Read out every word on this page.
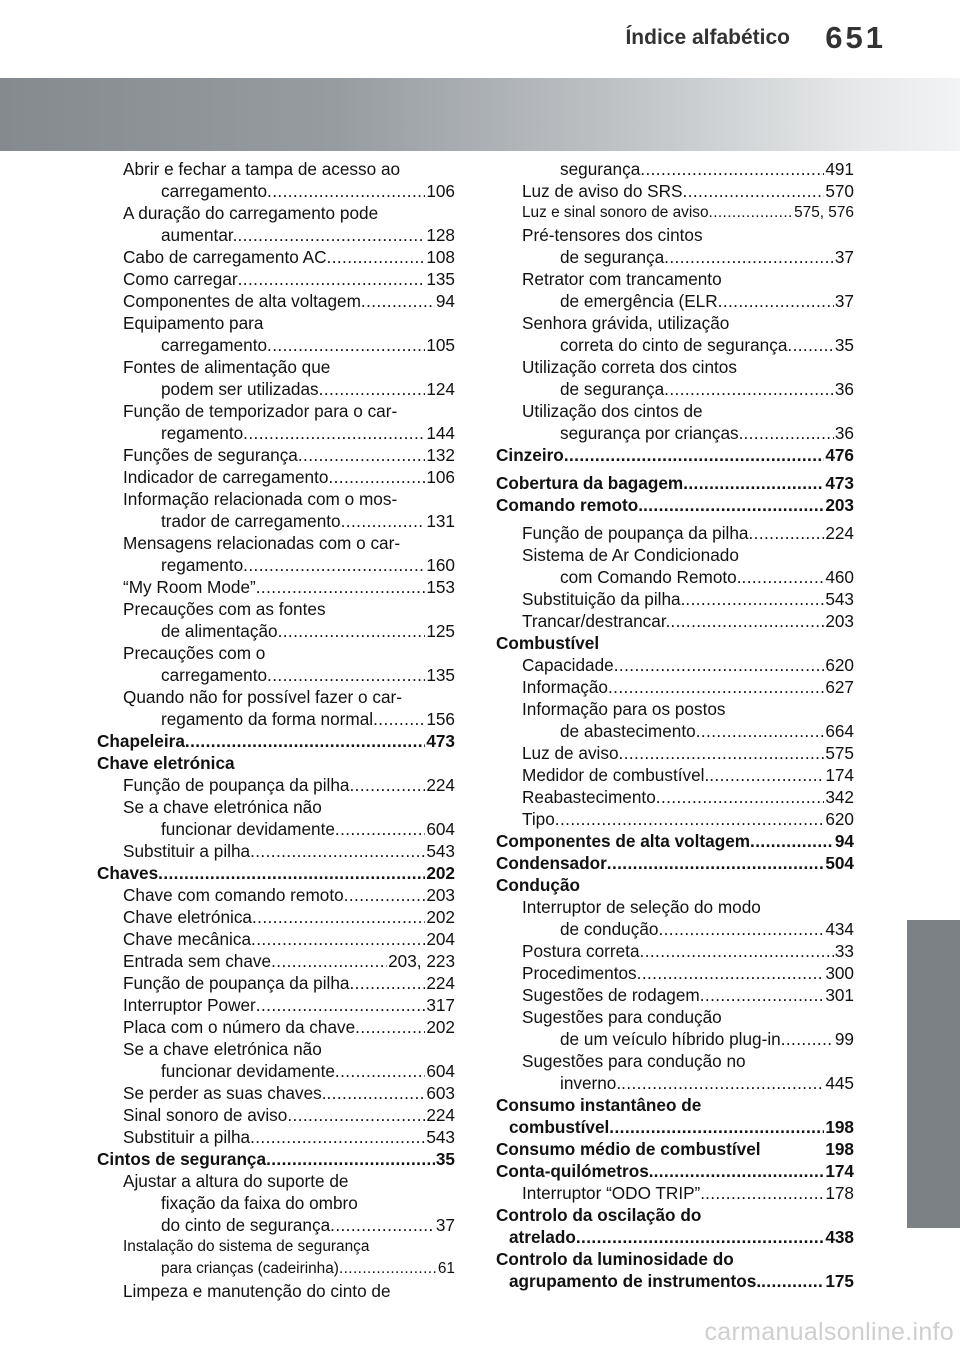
Índice alfabético 651
Abrir e fechar a tampa de acesso ao
carregamento .....	106
A duração do carregamento pode
aumentar. .....	128
Cabo de carregamento AC .....	108
Como carregar .....	135
Componentes de alta voltagem .....	94
Equipamento para
carregamento .....	105
Fontes de alimentação que
podem ser utilizadas .....	124
Função de temporizador para o car-
regamento .....	144
Funções de segurança .....	132
Indicador de carregamento .....	106
Informação relacionada com o mos-
trador de carregamento .....	131
Mensagens relacionadas com o car-
regamento .....	160
“My Room Mode” .....	153
Precauções com as fontes
de alimentação .....	125
Precauções com o
carregamento .....	135
Quando não for possível fazer o car-
regamento da forma normal .....	156
Chapeleira .....	473
Chave eletrónica
Função de poupança da pilha .....	224
Se a chave eletrónica não
funcionar devidamente .....	604
Substituir a pilha .....	543
Chaves .....	202
Chave com comando remoto .....	203
Chave eletrónica .....	202
Chave mecânica .....	204
Entrada sem chave .....	203, 223
Função de poupança da pilha .....	224
Interruptor Power .....	317
Placa com o número da chave .....	202
Se a chave eletrónica não
funcionar devidamente .....	604
Se perder as suas chaves. .....	603
Sinal sonoro de aviso .....	224
Substituir a pilha .....	543
Cintos de segurança .....	35
Ajustar a altura do suporte de
fixação da faixa do ombro
do cinto de segurança .....	37
Instalação do sistema de segurança
para crianças (cadeirinha) .....	61
Limpeza e manutenção do cinto de
segurança .....	491
Luz de aviso do SRS .....	570
Luz e sinal sonoro de aviso .....	575, 576
Pré-tensores dos cintos
de segurança .....	37
Retrator com trancamento
de emergência (ELR .....	37
Senhora grávida, utilização
correta do cinto de segurança .....	35
Utilização correta dos cintos
de segurança .....	36
Utilização dos cintos de
segurança por crianças. .....	36
Cinzeiro .....	476
Cobertura da bagagem .....	473
Comando remoto. .....	203
Função de poupança da pilha .....	224
Sistema de Ar Condicionado
com Comando Remoto. .....	460
Substituição da pilha. .....	543
Trancar/destrancar. .....	203
Combustível
Capacidade .....	620
Informação .....	627
Informação para os postos
de abastecimento .....	664
Luz de aviso .....	575
Medidor de combustível. .....	174
Reabastecimento .....	342
Tipo .....	620
Componentes de alta voltagem .....	94
Condensador .....	504
Condução
Interruptor de seleção do modo
de condução .....	434
Postura correta .....	33
Procedimentos .....	300
Sugestões de rodagem .....	301
Sugestões para condução
de um veículo híbrido plug-in .....	99
Sugestões para condução no
inverno. .....	445
Consumo instantâneo de
combustível .....	198
Consumo médio de combustível	198
Conta-quilómetros. .....	174
Interruptor “ODO TRIP”. .....	178
Controlo da oscilação do
atrelado .....	438
Controlo da luminosidade do
agrupamento de instrumentos. .....	175
carmanualsonline.info
